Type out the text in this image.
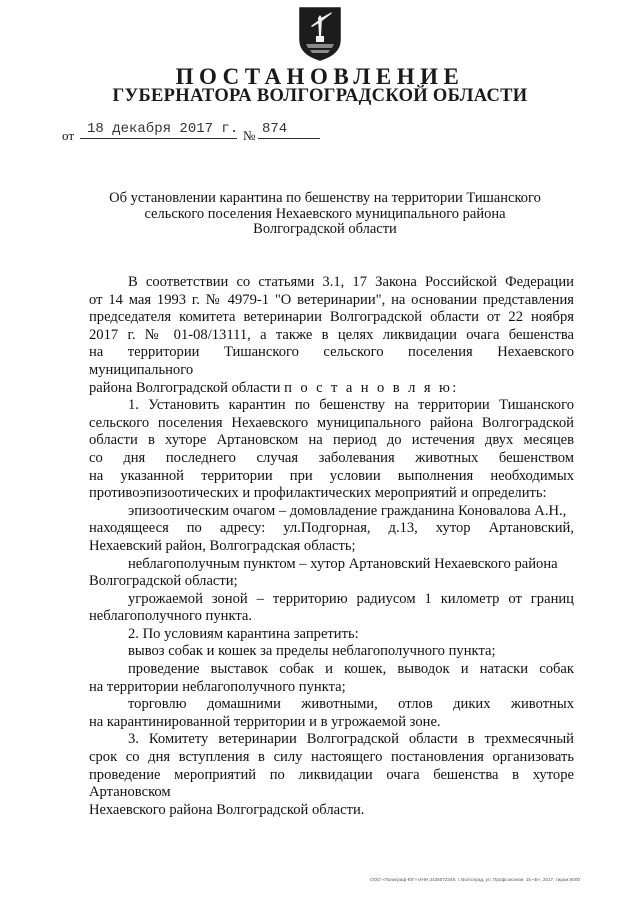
ПОСТАНОВЛЕНИЕ
ГУБЕРНАТОРА ВОЛГОГРАДСКОЙ ОБЛАСТИ
от 18 декабря 2017 г. № 874
Об установлении карантина по бешенству на территории Тишанского
сельского поселения Нехаевского муниципального района
Волгоградской области
В соответствии со статьями 3.1, 17 Закона Российской Федерации
от 14 мая 1993 г. № 4979-1 "О ветеринарии", на основании представления
председателя комитета ветеринарии Волгоградской области от 22 ноября
2017 г. № 01-08/13111, а также в целях ликвидации очага бешенства
на территории Тишанского сельского поселения Нехаевского муниципального
района Волгоградской области п о с т а н о в л я ю:
1. Установить карантин по бешенству на территории Тишанского
сельского поселения Нехаевского муниципального района Волгоградской
области в хуторе Артановском на период до истечения двух месяцев
со дня последнего случая заболевания животных бешенством
на указанной территории при условии выполнения необходимых
противоэпизоотических и профилактических мероприятий и определить:
эпизоотическим очагом – домовладение гражданина Коновалова А.Н.,
находящееся по адресу: ул.Подгорная, д.13, хутор Артановский,
Нехаевский район, Волгоградская область;
неблагополучным пунктом – хутор Артановский Нехаевского района
Волгоградской области;
угрожаемой зоной – территорию радиусом 1 километр от границ
неблагополучного пункта.
2. По условиям карантина запретить:
вывоз собак и кошек за пределы неблагополучного пункта;
проведение выставок собак и кошек, выводок и натаски собак
на территории неблагополучного пункта;
торговлю домашними животными, отлов диких животных
на карантинированной территории и в угрожаемой зоне.
3. Комитету ветеринарии Волгоградской области в трехмесячный
срок со дня вступления в силу настоящего постановления организовать
проведение мероприятий по ликвидации очага бешенства в хуторе Артановском
Нехаевского района Волгоградской области.
ООО «Полиграф-ЮГ» ИНН 3435072349, г. Волгоград, ул. Профсоюзная, 15 «Б», 2017, тираж 5000
